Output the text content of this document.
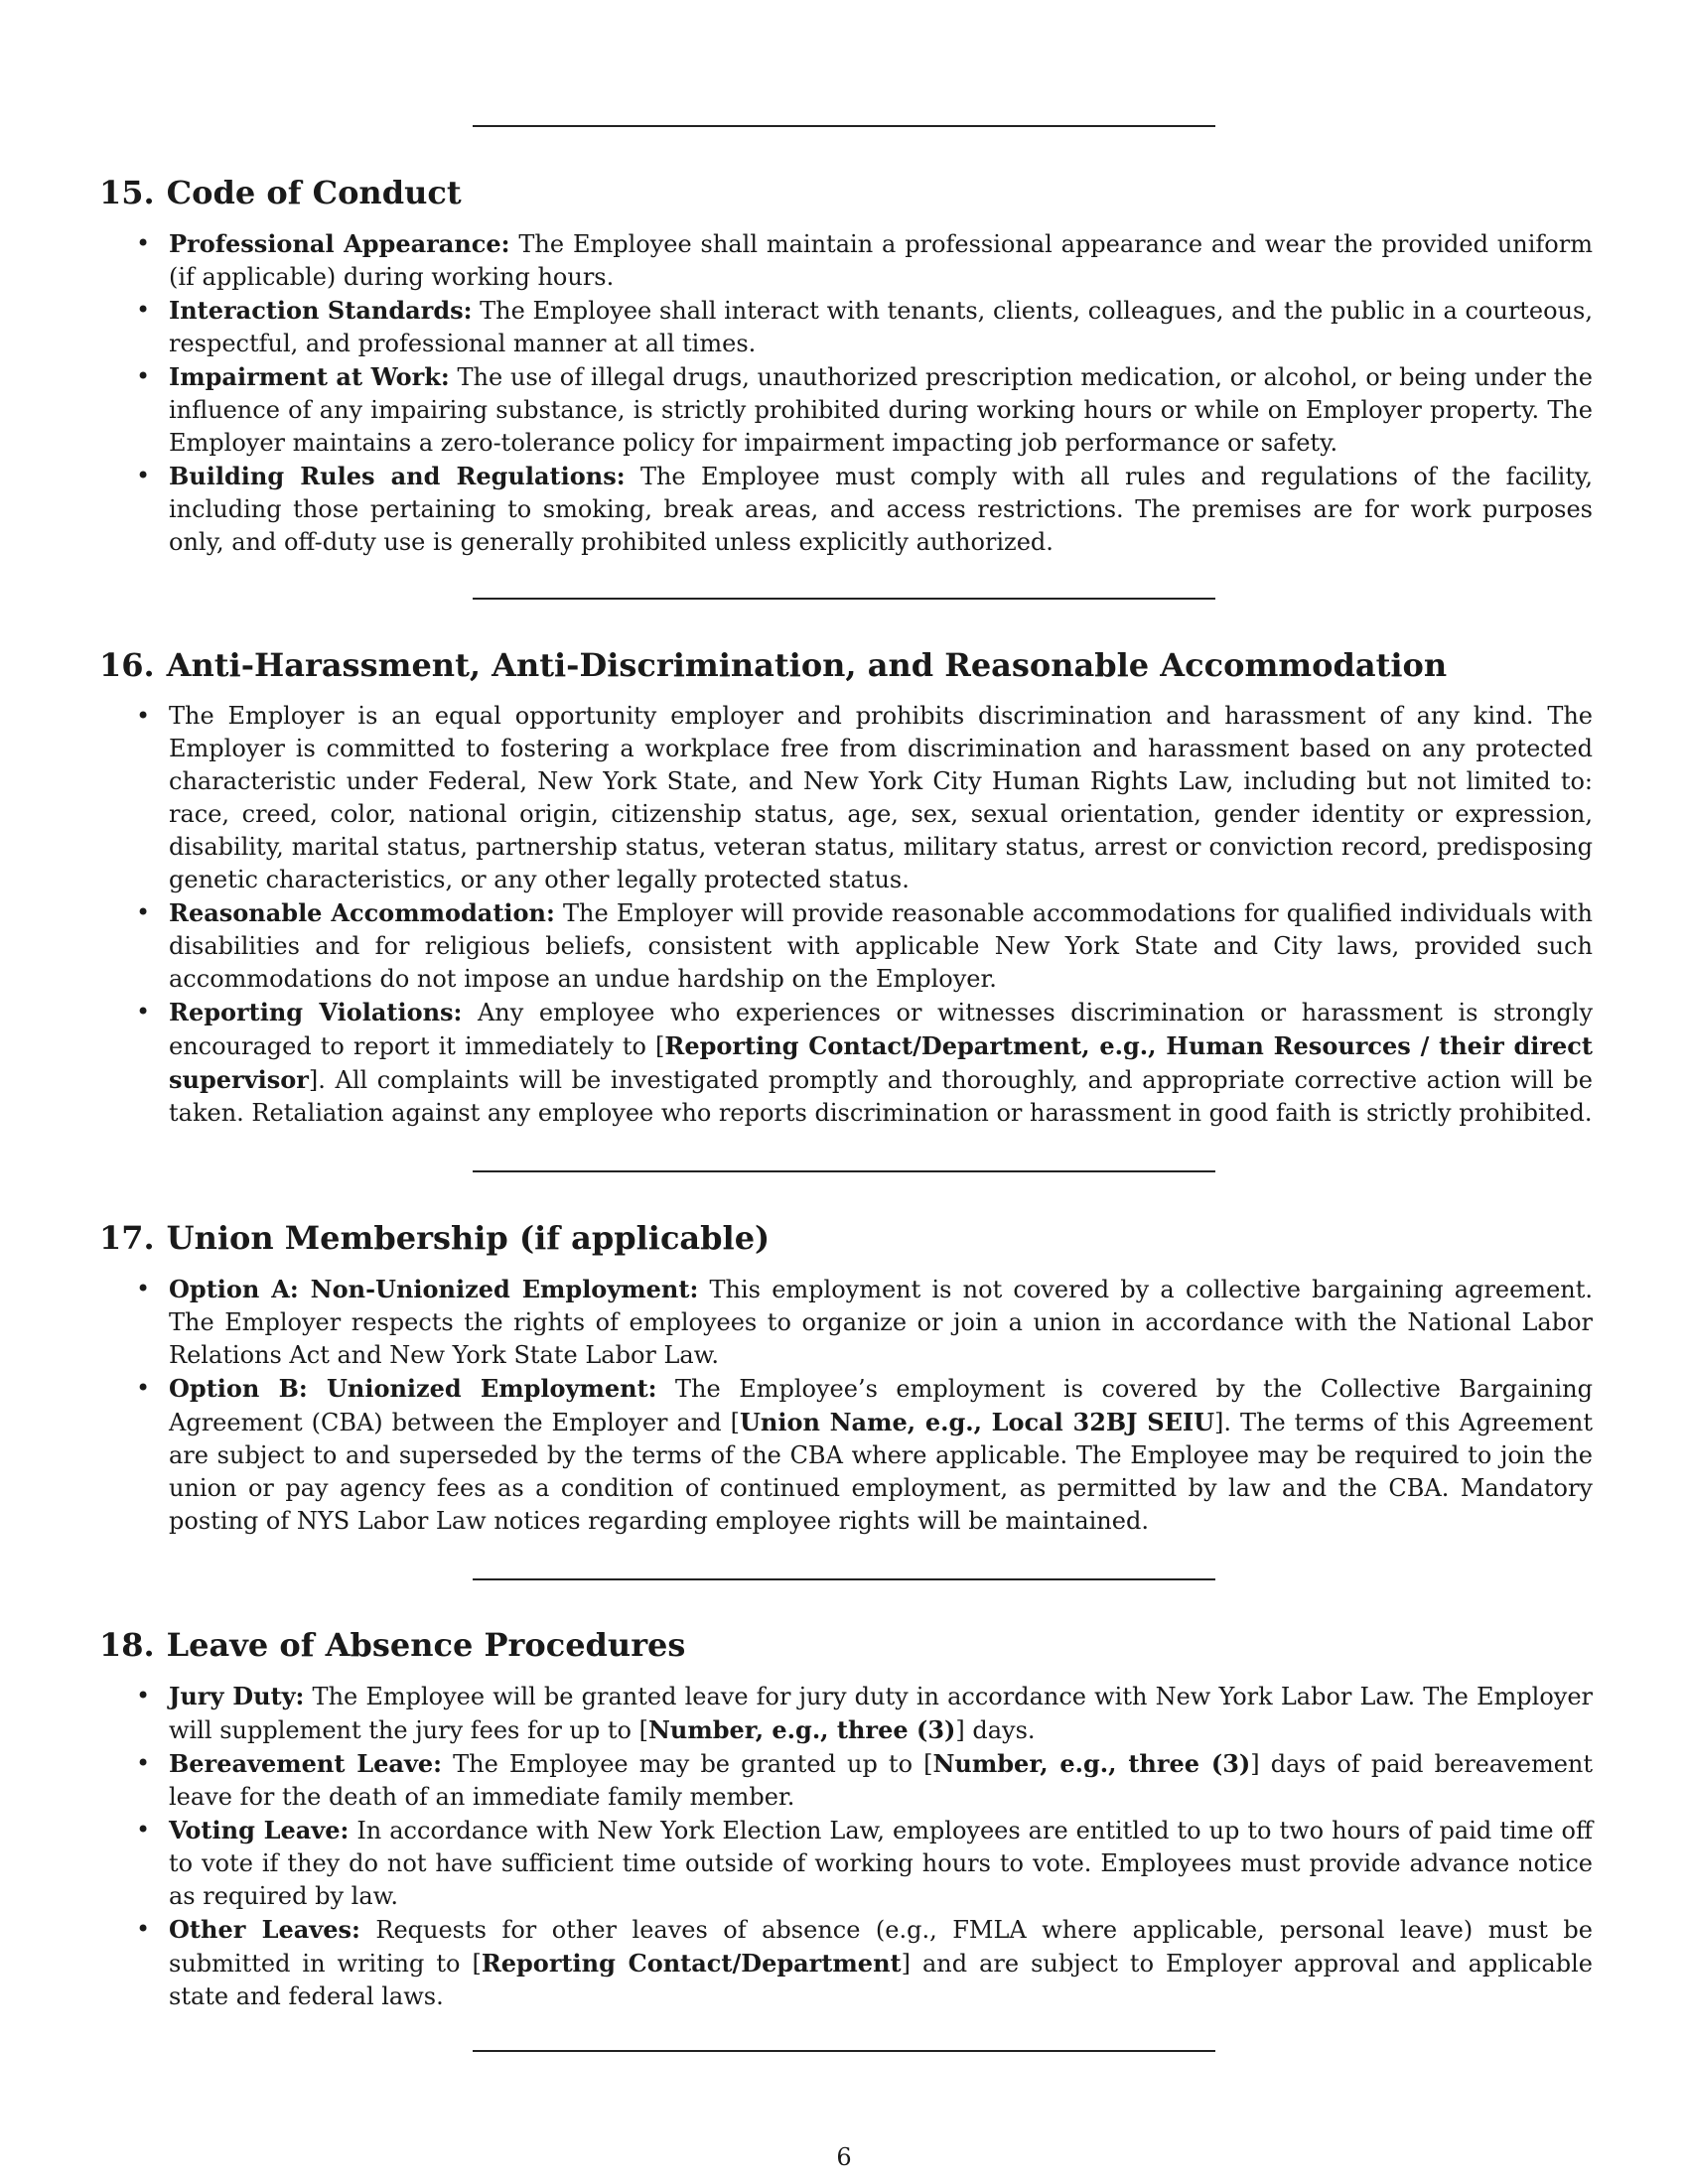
15. Code of Conduct
• Professional Appearance: The Employee shall maintain a professional appearance and wear the provided uniform (if applicable) during working hours.
• Interaction Standards: The Employee shall interact with tenants, clients, colleagues, and the public in a courteous, respectful, and professional manner at all times.
• Impairment at Work: The use of illegal drugs, unauthorized prescription medication, or alcohol, or being under the influence of any impairing substance, is strictly prohibited during working hours or while on Employer property. The Employer maintains a zero-tolerance policy for impairment impacting job performance or safety.
• Building Rules and Regulations: The Employee must comply with all rules and regulations of the facility, including those pertaining to smoking, break areas, and access restrictions. The premises are for work purposes only, and off-duty use is generally prohibited unless explicitly authorized.
16. Anti-Harassment, Anti-Discrimination, and Reasonable Accommodation
• The Employer is an equal opportunity employer and prohibits discrimination and harassment of any kind. The Employer is committed to fostering a workplace free from discrimination and harassment based on any protected characteristic under Federal, New York State, and New York City Human Rights Law, including but not limited to: race, creed, color, national origin, citizenship status, age, sex, sexual orientation, gender identity or expression, disability, marital status, partnership status, veteran status, military status, arrest or conviction record, predisposing genetic characteristics, or any other legally protected status.
• Reasonable Accommodation: The Employer will provide reasonable accommodations for qualified individuals with disabilities and for religious beliefs, consistent with applicable New York State and City laws, provided such accommodations do not impose an undue hardship on the Employer.
• Reporting Violations: Any employee who experiences or witnesses discrimination or harassment is strongly encouraged to report it immediately to [Reporting Contact/Department, e.g., Human Resources / their direct supervisor]. All complaints will be investigated promptly and thoroughly, and appropriate corrective action will be taken. Retaliation against any employee who reports discrimination or harassment in good faith is strictly prohibited.
17. Union Membership (if applicable)
• Option A: Non-Unionized Employment: This employment is not covered by a collective bargaining agreement. The Employer respects the rights of employees to organize or join a union in accordance with the National Labor Relations Act and New York State Labor Law.
• Option B: Unionized Employment: The Employee’s employment is covered by the Collective Bargaining Agreement (CBA) between the Employer and [Union Name, e.g., Local 32BJ SEIU]. The terms of this Agreement are subject to and superseded by the terms of the CBA where applicable. The Employee may be required to join the union or pay agency fees as a condition of continued employment, as permitted by law and the CBA. Mandatory posting of NYS Labor Law notices regarding employee rights will be maintained.
18. Leave of Absence Procedures
• Jury Duty: The Employee will be granted leave for jury duty in accordance with New York Labor Law. The Employer will supplement the jury fees for up to [Number, e.g., three (3)] days.
• Bereavement Leave: The Employee may be granted up to [Number, e.g., three (3)] days of paid bereavement leave for the death of an immediate family member.
• Voting Leave: In accordance with New York Election Law, employees are entitled to up to two hours of paid time off to vote if they do not have sufficient time outside of working hours to vote. Employees must provide advance notice as required by law.
• Other Leaves: Requests for other leaves of absence (e.g., FMLA where applicable, personal leave) must be submitted in writing to [Reporting Contact/Department] and are subject to Employer approval and applicable state and federal laws.
6
